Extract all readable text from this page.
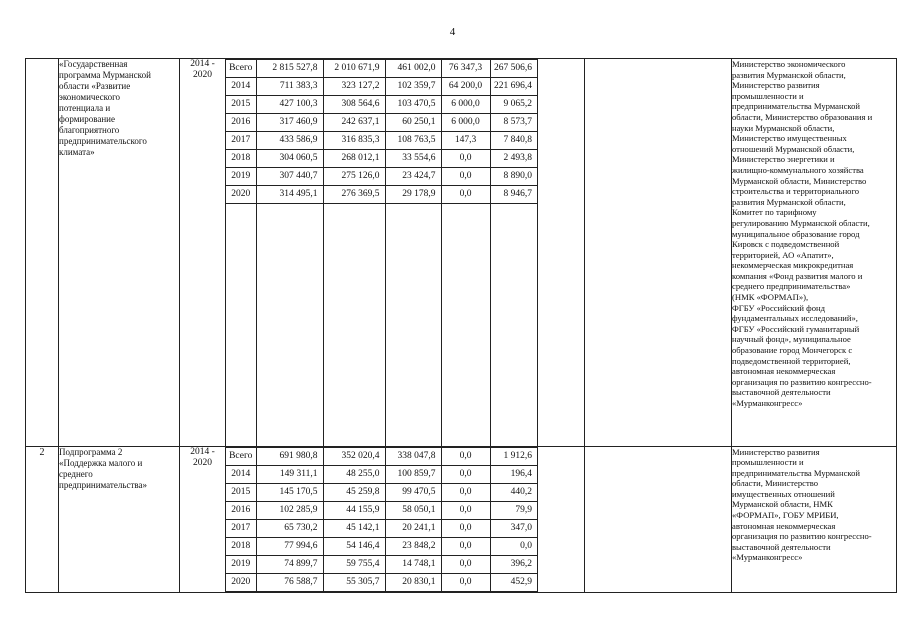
4

«Государственная
программа Мурманской
области «Развитие
экономического
потенциала и
формирование
благоприятного
предпринимательского
климата»

2014 -
2020

Всего	2 815 527,8	2 010 671,9	461 002,0	76 347,3	267 506,6
2014	711 383,3	323 127,2	102 359,7	64 200,0	221 696,4
2015	427 100,3	308 564,6	103 470,5	6 000,0	9 065,2
2016	317 460,9	242 637,1	60 250,1	6 000,0	8 573,7
2017	433 586,9	316 835,3	108 763,5	147,3	7 840,8
2018	304 060,5	268 012,1	33 554,6	0,0	2 493,8
2019	307 440,7	275 126,0	23 424,7	0,0	8 890,0
2020	314 495,1	276 369,5	29 178,9	0,0	8 946,7

Министерство экономического
развития Мурманской области,
Министерство развития
промышленности и
предпринимательства Мурманской
области, Министерство образования и
науки Мурманской области,
Министерство имущественных
отношений Мурманской области,
Министерство энергетики и
жилищно-коммунального хозяйства
Мурманской области, Министерство
строительства и территориального
развития Мурманской области,
Комитет по тарифному
регулированию Мурманской области,
муниципальное образование город
Кировск с подведомственной
территорией, АО «Апатит»,
некоммерческая микрокредитная
компания «Фонд развития малого и
среднего предпринимательства»
(НМК «ФОРМАП»),
ФГБУ «Российский фонд
фундаментальных исследований»,
ФГБУ «Российский гуманитарный
научный фонд», муниципальное
образование город Мончегорск с
подведомственной территорией,
автономная некоммерческая
организация по развитию конгрессно-
выставочной деятельности
«Мурманконгресс»

2	Подпрограмма 2
«Поддержка малого и
среднего
предпринимательства»

2014 -
2020

Всего	691 980,8	352 020,4	338 047,8	0,0	1 912,6
2014	149 311,1	48 255,0	100 859,7	0,0	196,4
2015	145 170,5	45 259,8	99 470,5	0,0	440,2
2016	102 285,9	44 155,9	58 050,1	0,0	79,9
2017	65 730,2	45 142,1	20 241,1	0,0	347,0
2018	77 994,6	54 146,4	23 848,2	0,0	0,0
2019	74 899,7	59 755,4	14 748,1	0,0	396,2
2020	76 588,7	55 305,7	20 830,1	0,0	452,9

Министерство развития
промышленности и
предпринимательства Мурманской
области, Министерство
имущественных отношений
Мурманской области, НМК
«ФОРМАП», ГОБУ МРИБИ,
автономная некоммерческая
организация по развитию конгрессно-
выставочной деятельности
«Мурманконгресс»
